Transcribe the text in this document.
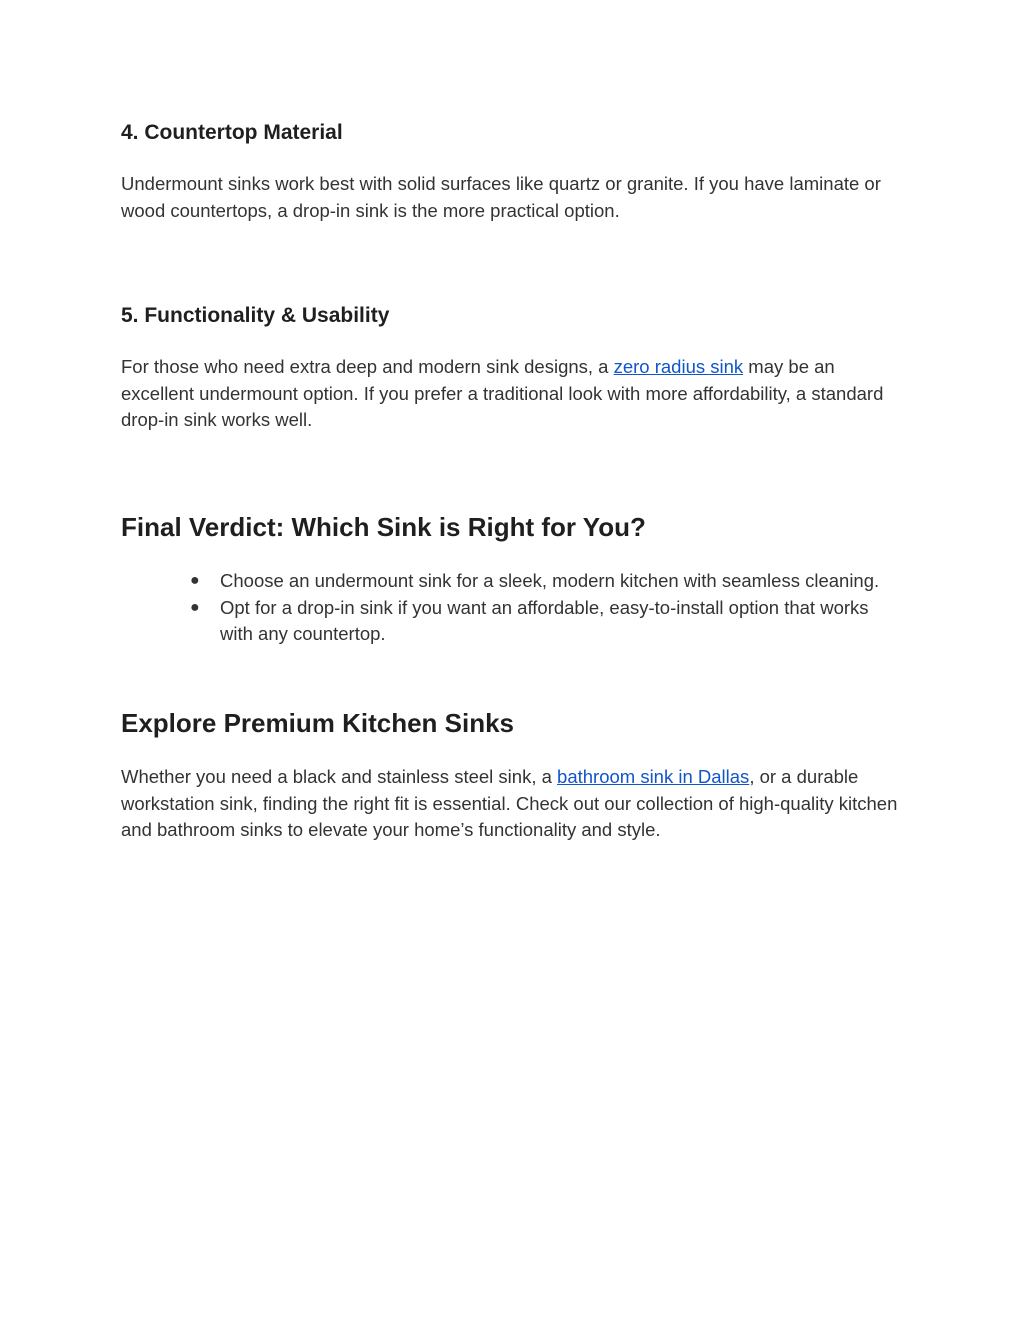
4. Countertop Material

Undermount sinks work best with solid surfaces like quartz or granite. If you have laminate or wood countertops, a drop-in sink is the more practical option.

5. Functionality & Usability

For those who need extra deep and modern sink designs, a zero radius sink may be an excellent undermount option. If you prefer a traditional look with more affordability, a standard drop-in sink works well.

Final Verdict: Which Sink is Right for You?
● Choose an undermount sink for a sleek, modern kitchen with seamless cleaning.
● Opt for a drop-in sink if you want an affordable, easy-to-install option that works with any countertop.
Explore Premium Kitchen Sinks

Whether you need a black and stainless steel sink, a bathroom sink in Dallas, or a durable workstation sink, finding the right fit is essential. Check out our collection of high-quality kitchen and bathroom sinks to elevate your home’s functionality and style.
